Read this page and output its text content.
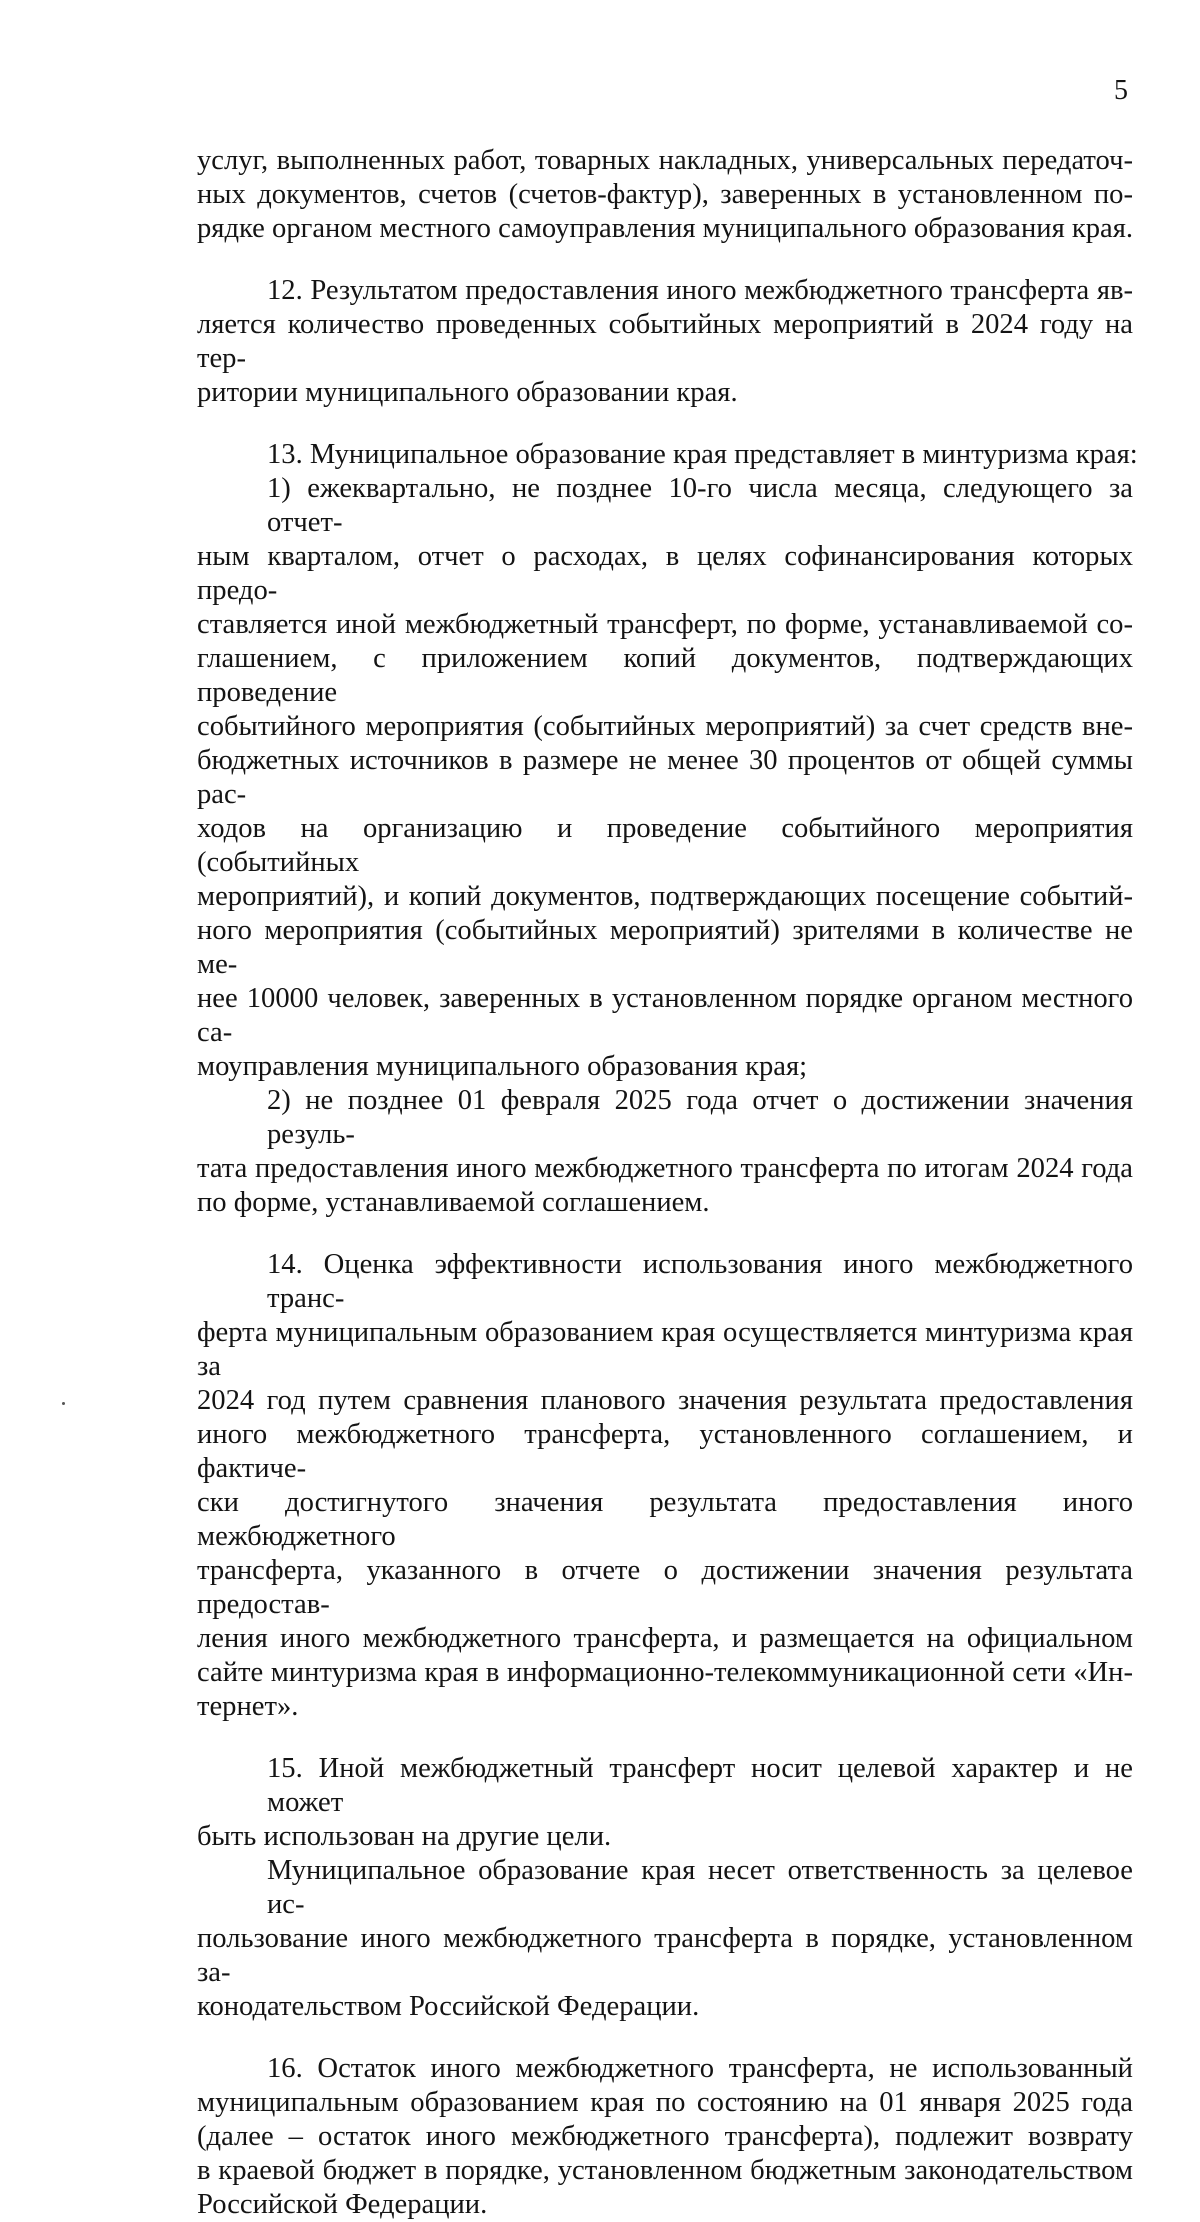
5
услуг, выполненных работ, товарных накладных, универсальных передаточ-
ных документов, счетов (счетов-фактур), заверенных в установленном по-
рядке органом местного самоуправления муниципального образования края.
12. Результатом предоставления иного межбюджетного трансферта яв-
ляется количество проведенных событийных мероприятий в 2024 году на тер-
ритории муниципального образовании края.
13. Муниципальное образование края представляет в минтуризма края:
1) ежеквартально, не позднее 10-го числа месяца, следующего за отчет-
ным кварталом, отчет о расходах, в целях софинансирования которых предо-
ставляется иной межбюджетный трансферт, по форме, устанавливаемой со-
глашением, с приложением копий документов, подтверждающих проведение
событийного мероприятия (событийных мероприятий) за счет средств вне-
бюджетных источников в размере не менее 30 процентов от общей суммы рас-
ходов на организацию и проведение событийного мероприятия (событийных
мероприятий), и копий документов, подтверждающих посещение событий-
ного мероприятия (событийных мероприятий) зрителями в количестве не ме-
нее 10000 человек, заверенных в установленном порядке органом местного са-
моуправления муниципального образования края;
2) не позднее 01 февраля 2025 года отчет о достижении значения резуль-
тата предоставления иного межбюджетного трансферта по итогам 2024 года
по форме, устанавливаемой соглашением.
14. Оценка эффективности использования иного межбюджетного транс-
ферта муниципальным образованием края осуществляется минтуризма края за
2024 год путем сравнения планового значения результата предоставления
иного межбюджетного трансферта, установленного соглашением, и фактиче-
ски достигнутого значения результата предоставления иного межбюджетного
трансферта, указанного в отчете о достижении значения результата предостав-
ления иного межбюджетного трансферта, и размещается на официальном
сайте минтуризма края в информационно-телекоммуникационной сети «Ин-
тернет».
15. Иной межбюджетный трансферт носит целевой характер и не может
быть использован на другие цели.
Муниципальное образование края несет ответственность за целевое ис-
пользование иного межбюджетного трансферта в порядке, установленном за-
конодательством Российской Федерации.
16. Остаток иного межбюджетного трансферта, не использованный
муниципальным образованием края по состоянию на 01 января 2025 года
(далее – остаток иного межбюджетного трансферта), подлежит возврату
в краевой бюджет в порядке, установленном бюджетным законодательством
Российской Федерации.
